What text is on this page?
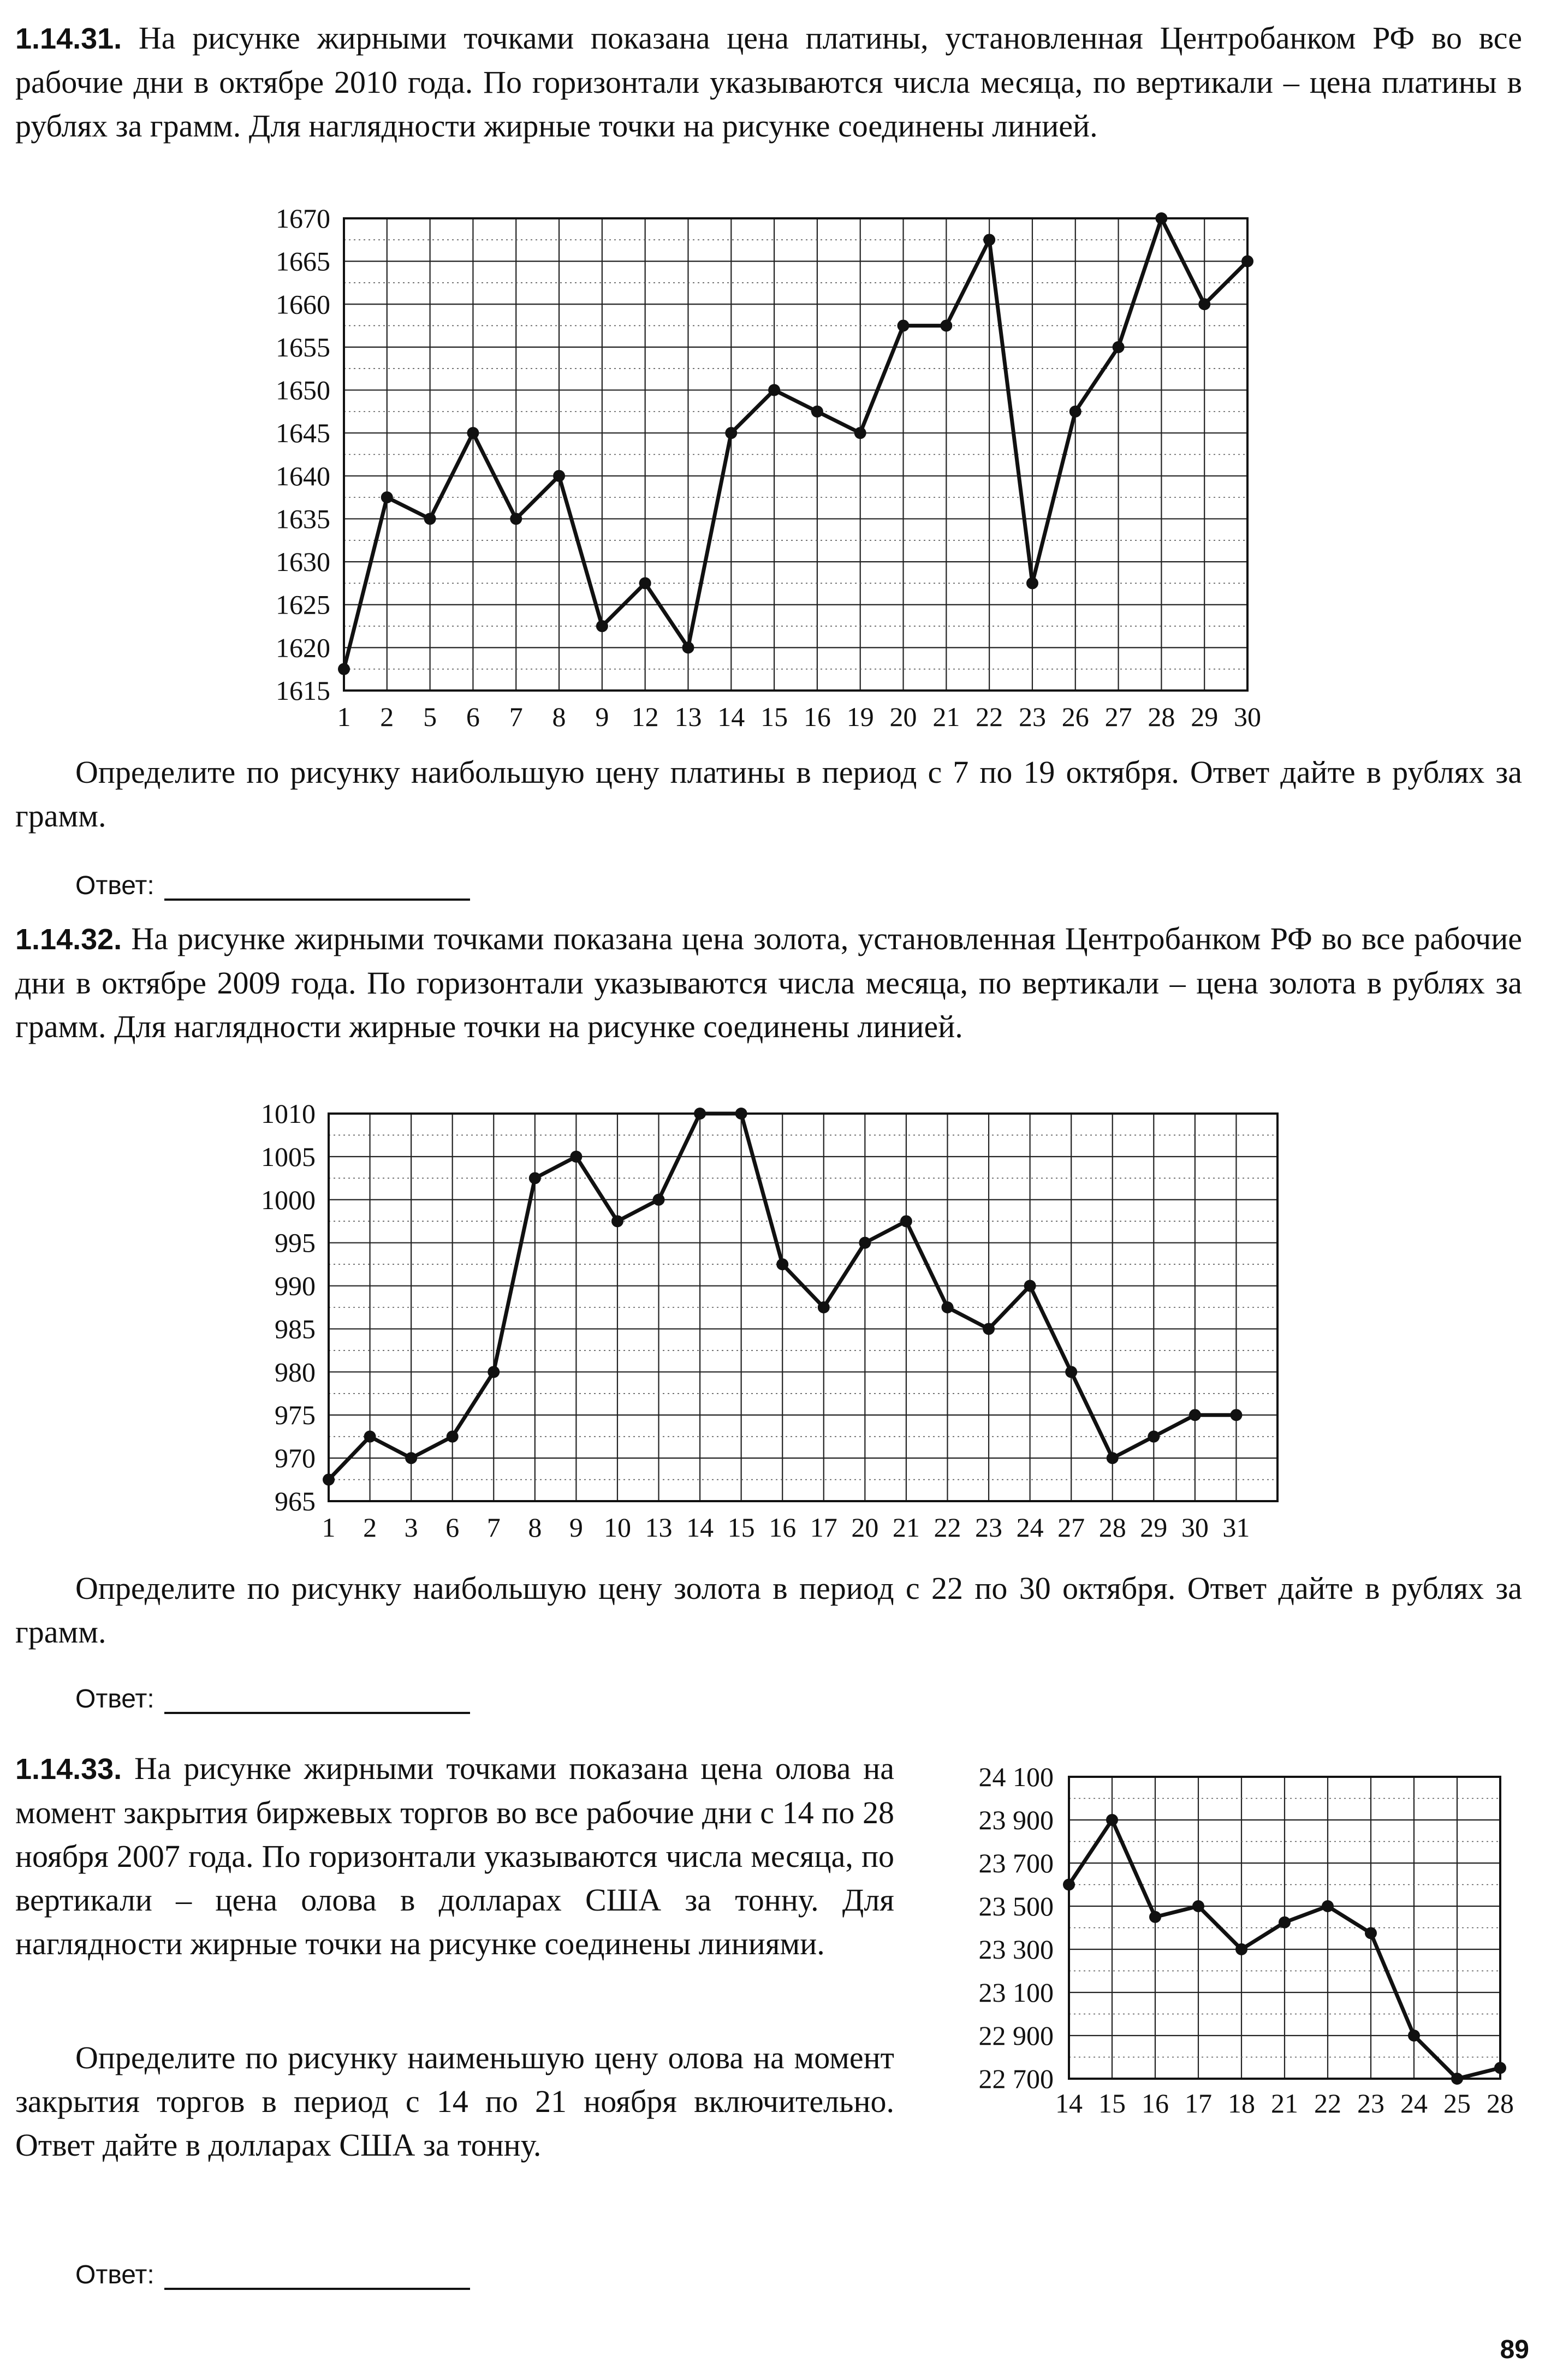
1.14.31. На рисунке жирными точками показана цена платины, установленная Центробанком РФ во все рабочие дни в октябре 2010 года. По горизонтали указываются числа месяца, по вертикали – цена платины в рублях за грамм. Для наглядности жирные точки на рисунке соединены линией.
Определите по рисунку наибольшую цену платины в период с 7 по 19 октября. Ответ дайте в рублях за грамм.
Ответ:
1.14.32. На рисунке жирными точками показана цена золота, установленная Центробанком РФ во все рабочие дни в октябре 2009 года. По горизонтали указываются числа месяца, по вертикали – цена золота в рублях за грамм. Для наглядности жирные точки на рисунке соединены линией.
Определите по рисунку наибольшую цену золота в период с 22 по 30 октября. Ответ дайте в рублях за грамм.
Ответ:
1.14.33. На рисунке жирными точками показана цена олова на момент закрытия биржевых торгов во все рабочие дни с 14 по 28 ноября 2007 года. По горизонтали указываются числа месяца, по вертикали – цена олова в долларах США за тонну. Для наглядности жирные точки на рисунке соединены линиями.
Определите по рисунку наименьшую цену олова на момент закрытия торгов в период с 14 по 21 ноября включительно. Ответ дайте в долларах США за тонну.
Ответ:
89
1615
1620
1625
1630
1635
1640
1645
1650
1655
1660
1665
1670
1 2 5 6 7 8 9 12 13 14 15 16 19 20 21 22 23 26 27 28 29 30
965
970
975
980
985
990
995
1000
1005
1010
1 2 3 6 7 8 9 10 13 14 15 16 17 20 21 22 23 24 27 28 29 30 31
22 700
22 900
23 100
23 300
23 500
23 700
23 900
24 100
14 15 16 17 18 21 22 23 24 25 28
